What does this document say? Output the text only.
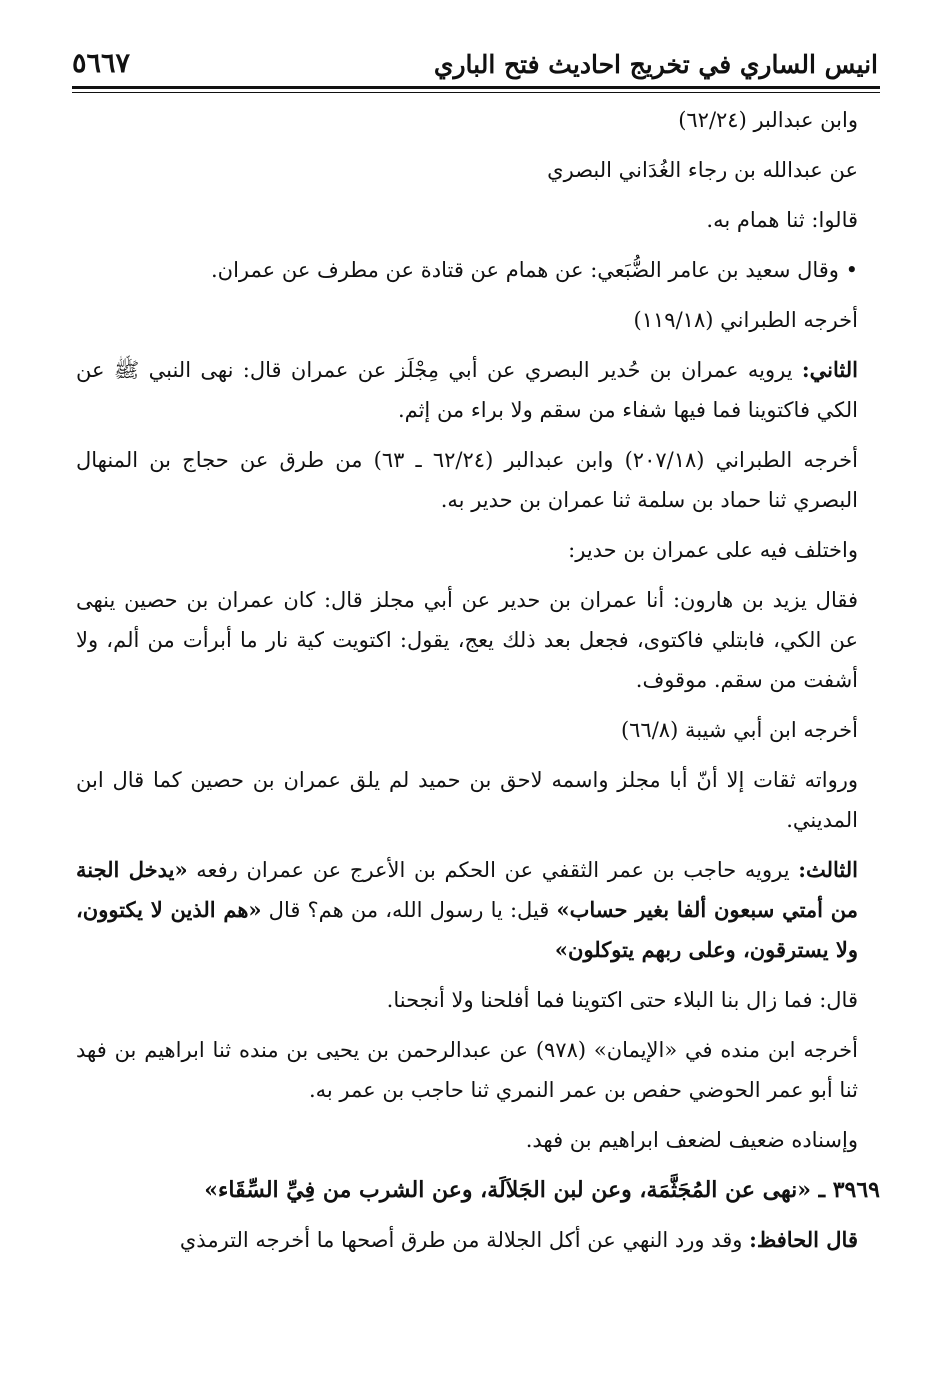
انيس الساري في تخريج احاديث فتح الباري
٥٦٦٧

وابن عبدالبر (٦٢/٢٤)

عن عبدالله بن رجاء الغُدَاني البصري

قالوا: ثنا همام به.

• وقال سعيد بن عامر الضُّبَعي: عن همام عن قتادة عن مطرف عن عمران.

أخرجه الطبراني (١١٩/١٨)

الثاني: يرويه عمران بن حُدير البصري عن أبي مِجْلَز عن عمران قال: نهى النبي ﷺ عن الكي فاكتوينا فما فيها شفاء من سقم ولا براء من إثم.

أخرجه الطبراني (٢٠٧/١٨) وابن عبدالبر (٦٢/٢٤ ـ ٦٣) من طرق عن حجاج بن المنهال البصري ثنا حماد بن سلمة ثنا عمران بن حدير به.

واختلف فيه على عمران بن حدير:

فقال يزيد بن هارون: أنا عمران بن حدير عن أبي مجلز قال: كان عمران بن حصين ينهى عن الكي، فابتلي فاكتوى، فجعل بعد ذلك يعج، يقول: اكتويت كية نار ما أبرأت من ألم، ولا أشفت من سقم. موقوف.

أخرجه ابن أبي شيبة (٦٦/٨)

ورواته ثقات إلا أنّ أبا مجلز واسمه لاحق بن حميد لم يلق عمران بن حصين كما قال ابن المديني.

الثالث: يرويه حاجب بن عمر الثقفي عن الحكم بن الأعرج عن عمران رفعه «يدخل الجنة من أمتي سبعون ألفا بغير حساب» قيل: يا رسول الله، من هم؟ قال «هم الذين لا يكتوون، ولا يسترقون، وعلى ربهم يتوكلون»

قال: فما زال بنا البلاء حتى اكتوينا فما أفلحنا ولا أنجحنا.

أخرجه ابن منده في «الإيمان» (٩٧٨) عن عبدالرحمن بن يحيى بن منده ثنا ابراهيم بن فهد ثنا أبو عمر الحوضي حفص بن عمر النمري ثنا حاجب بن عمر به.

وإسناده ضعيف لضعف ابراهيم بن فهد.

٣٩٦٩ ـ «نهى عن المُجَثَّمَة، وعن لبن الجَلاَلَة، وعن الشرب من فِيِّ السِّقَاء»

قال الحافظ: وقد ورد النهي عن أكل الجلالة من طرق أصحها ما أخرجه الترمذي
